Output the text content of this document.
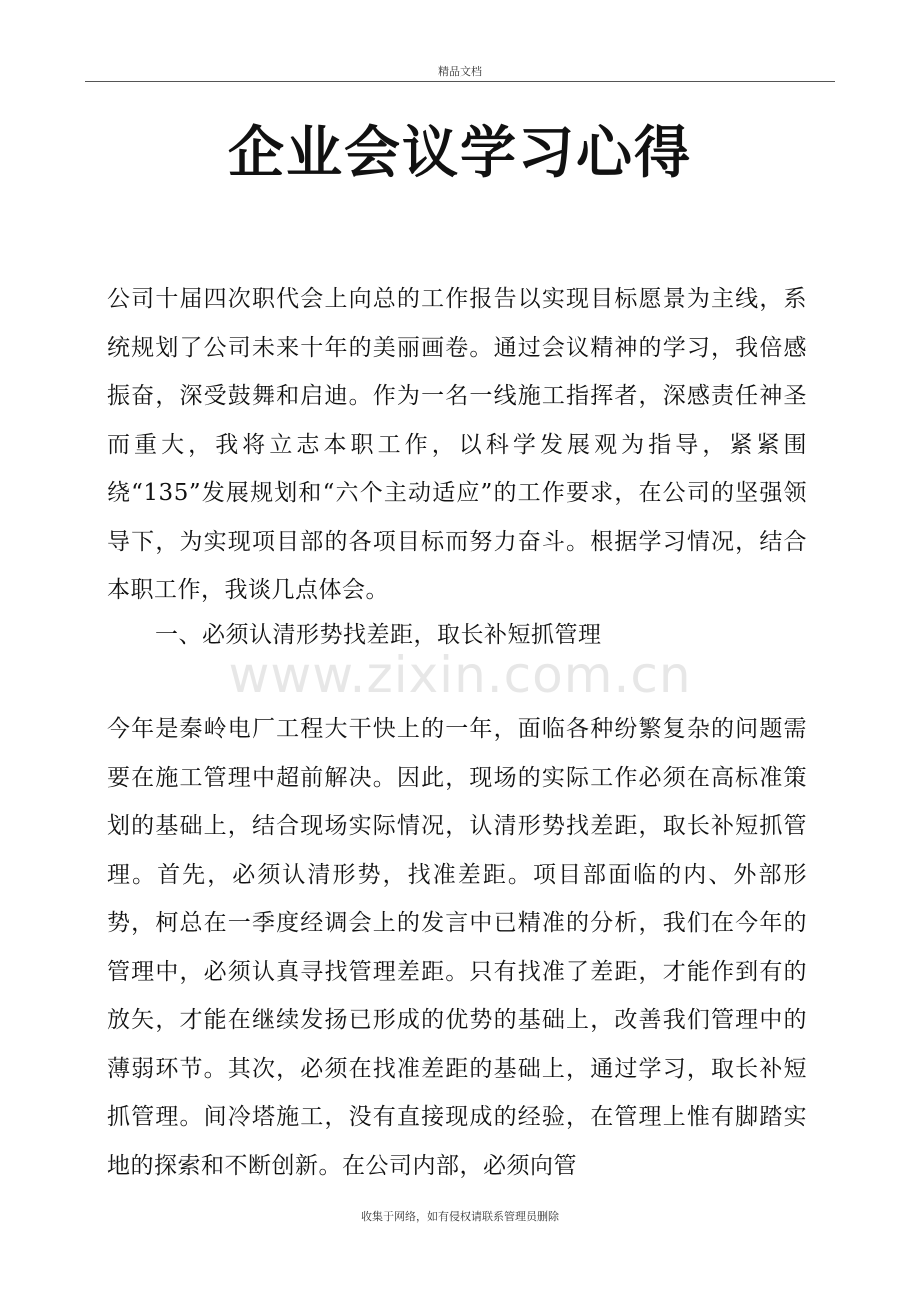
精品文档
企业会议学习心得

公司十届四次职代会上向总的工作报告以实现目标愿景为主线，系统规划了公司未来十年的美丽画卷。通过会议精神的学习，我倍感振奋，深受鼓舞和启迪。作为一名一线施工指挥者，深感责任神圣而重大，我将立志本职工作，以科学发展观为指导，紧紧围绕“135”发展规划和“六个主动适应”的工作要求，在公司的坚强领导下，为实现项目部的各项目标而努力奋斗。根据学习情况，结合本职工作，我谈几点体会。

一、必须认清形势找差距，取长补短抓管理

今年是秦岭电厂工程大干快上的一年，面临各种纷繁复杂的问题需要在施工管理中超前解决。因此，现场的实际工作必须在高标准策划的基础上，结合现场实际情况，认清形势找差距，取长补短抓管理。首先，必须认清形势，找准差距。项目部面临的内、外部形势，柯总在一季度经调会上的发言中已精准的分析，我们在今年的管理中，必须认真寻找管理差距。只有找准了差距，才能作到有的放矢，才能在继续发扬已形成的优势的基础上，改善我们管理中的薄弱环节。其次，必须在找准差距的基础上，通过学习，取长补短抓管理。间冷塔施工，没有直接现成的经验，在管理上惟有脚踏实地的探索和不断创新。在公司内部，必须向管

www.zixin.com.cn
收集于网络，如有侵权请联系管理员删除
